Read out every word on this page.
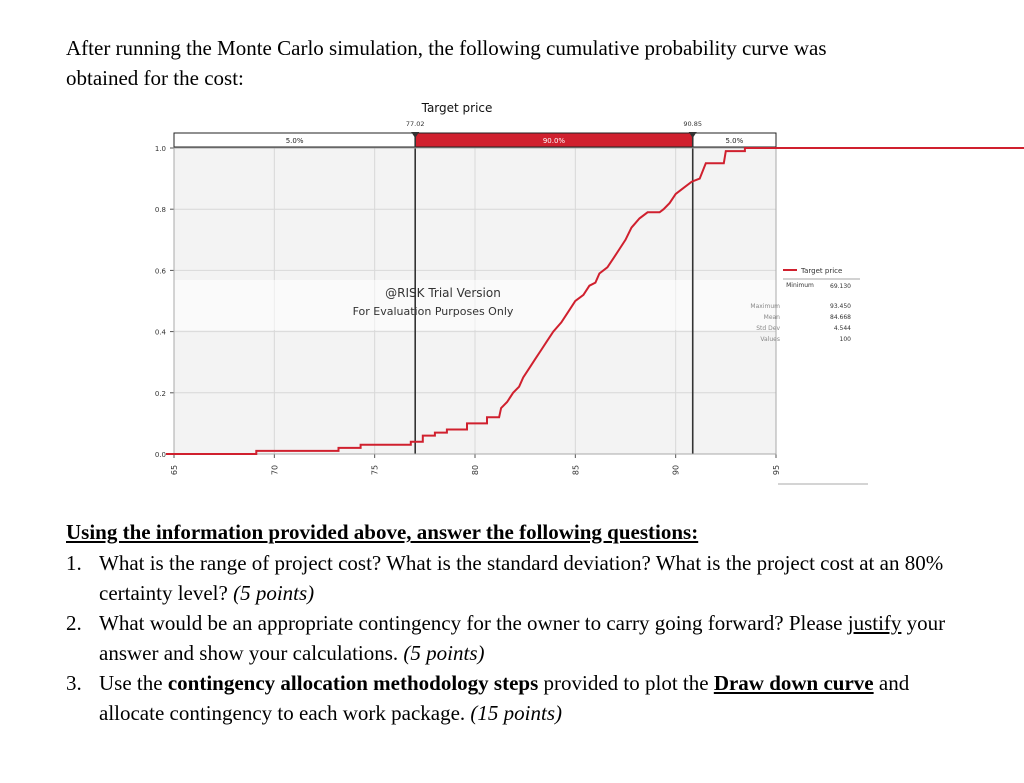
After running the Monte Carlo simulation, the following cumulative probability curve was
obtained for the cost:
5.0%	90.0%	5.0%
@RISK Trial Version
For Evaluation Purposes Only
Target price
77.02	90.85
65	70	75	80	85	90	95
0.0
0.2
0.4
0.6
0.8
1.0
Target price
Minimum	69.130
Maximum	93.450
Mean	84.668
Std Dev	4.544
Values	100
Using the information provided above, answer the following questions:
1. What is the range of project cost? What is the standard deviation? What is the project cost at an 80% certainty level? (5 points)
2. What would be an appropriate contingency for the owner to carry going forward? Please justify your answer and show your calculations. (5 points)
3. Use the contingency allocation methodology steps provided to plot the Draw down curve and allocate contingency to each work package. (15 points)
